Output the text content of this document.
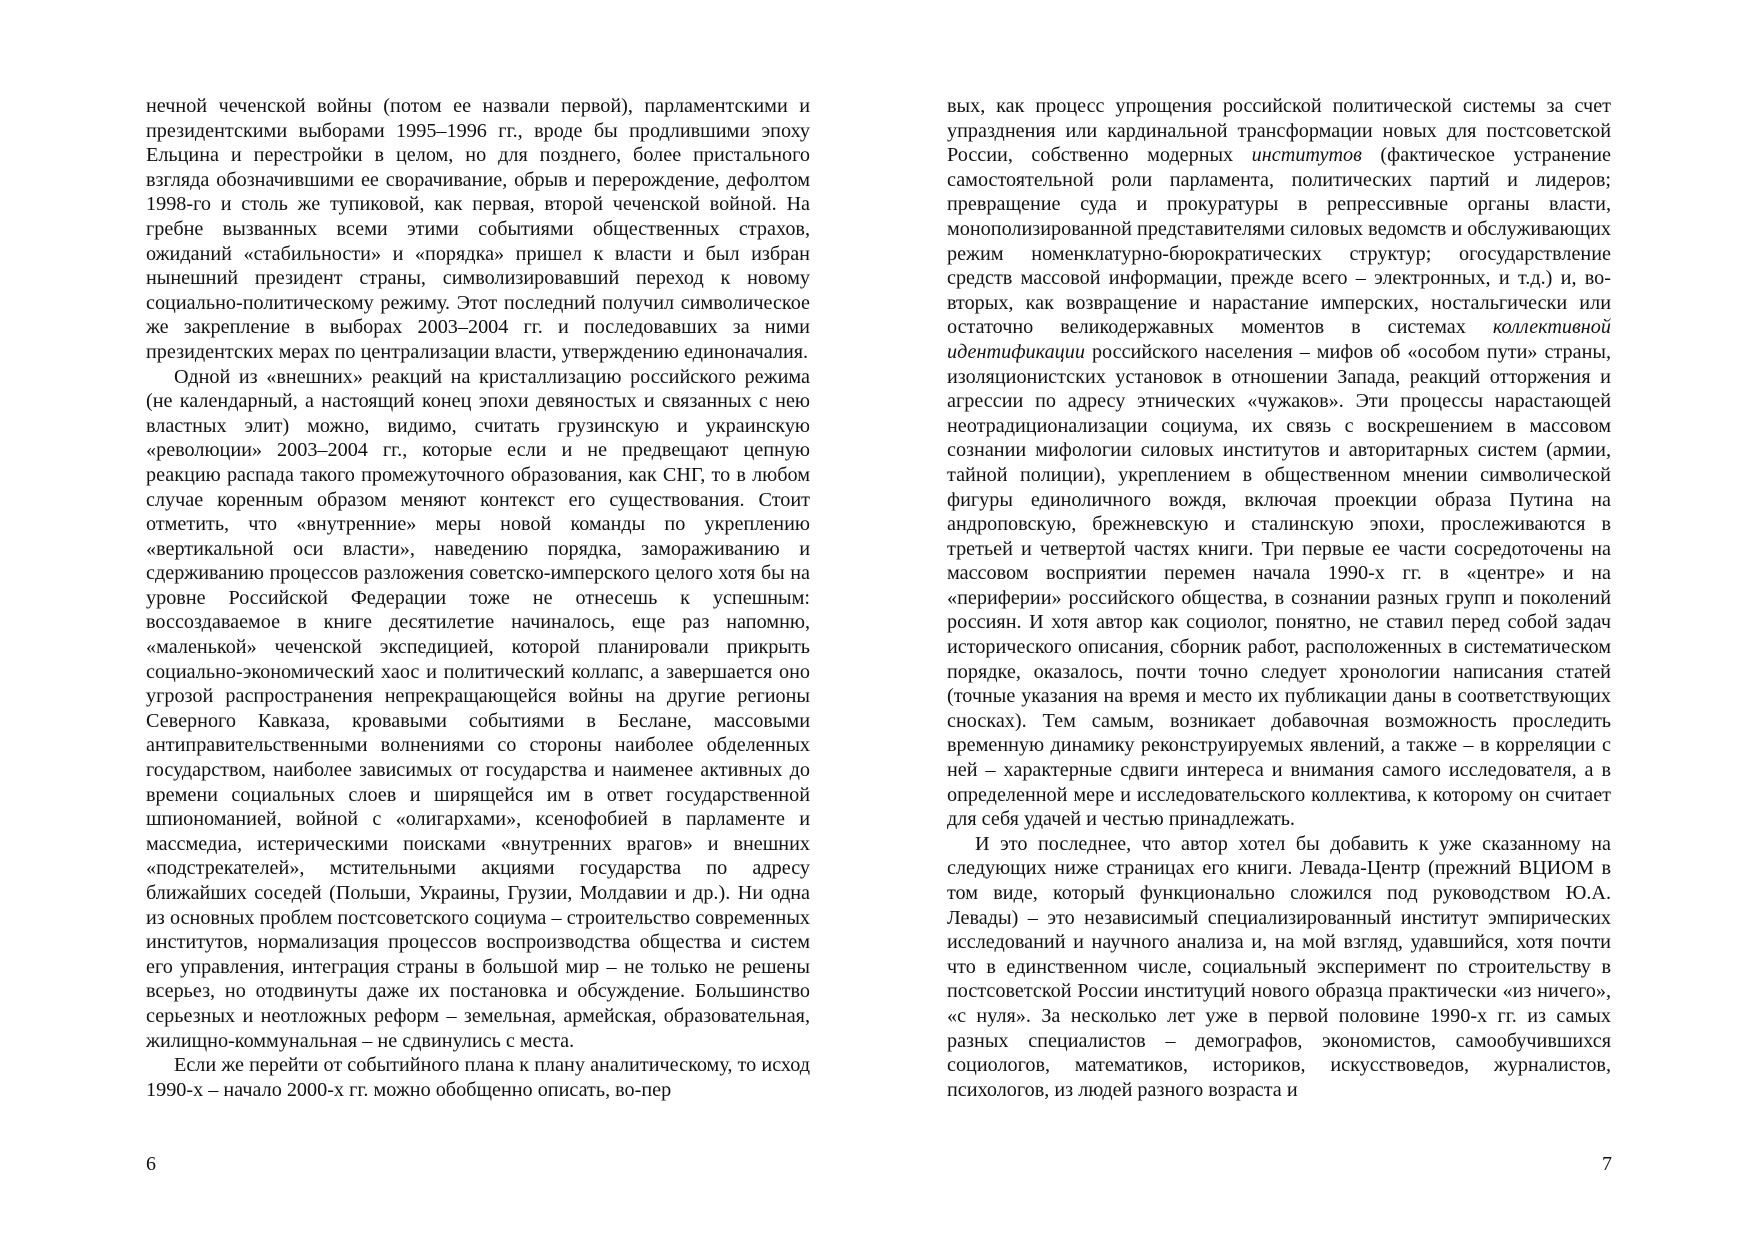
нечной чеченской войны (потом ее назвали первой), парламентскими и президентскими выборами 1995–1996 гг., вроде бы продлившими эпоху Ельцина и перестройки в целом, но для позднего, более пристального взгляда обозначившими ее сворачивание, обрыв и перерождение, дефолтом 1998-го и столь же тупиковой, как первая, второй чеченской войной. На гребне вызванных всеми этими событиями общественных страхов, ожиданий «стабильности» и «порядка» пришел к власти и был избран нынешний президент страны, символизировавший переход к новому социально-политическому режиму. Этот последний получил символическое же закрепление в выборах 2003–2004 гг. и последовавших за ними президентских мерах по централизации власти, утверждению единоначалия.

Одной из «внешних» реакций на кристаллизацию российского режима (не календарный, а настоящий конец эпохи девяностых и связанных с нею властных элит) можно, видимо, считать грузинскую и украинскую «революции» 2003–2004 гг., которые если и не предвещают цепную реакцию распада такого промежуточного образования, как СНГ, то в любом случае коренным образом меняют контекст его существования. Стоит отметить, что «внутренние» меры новой команды по укреплению «вертикальной оси власти», наведению порядка, замораживанию и сдерживанию процессов разложения советско-имперского целого хотя бы на уровне Российской Федерации тоже не отнесешь к успешным: воссоздаваемое в книге десятилетие начиналось, еще раз напомню, «маленькой» чеченской экспедицией, которой планировали прикрыть социально-экономический хаос и политический коллапс, а завершается оно угрозой распространения непрекращающейся войны на другие регионы Северного Кавказа, кровавыми событиями в Беслане, массовыми антиправительственными волнениями со стороны наиболее обделенных государством, наиболее зависимых от государства и наименее активных до времени социальных слоев и ширящейся им в ответ государственной шпиономанией, войной с «олигархами», ксенофобией в парламенте и массмедиа, истерическими поисками «внутренних врагов» и внешних «подстрекателей», мстительными акциями государства по адресу ближайших соседей (Польши, Украины, Грузии, Молдавии и др.). Ни одна из основных проблем постсоветского социума – строительство современных институтов, нормализация процессов воспроизводства общества и систем его управления, интеграция страны в большой мир – не только не решены всерьез, но отодвинуты даже их постановка и обсуждение. Большинство серьезных и неотложных реформ – земельная, армейская, образовательная, жилищно-коммунальная – не сдвинулись с места.

Если же перейти от событийного плана к плану аналитическому, то исход 1990-х – начало 2000-х гг. можно обобщенно описать, во-пер

6

вых, как процесс упрощения российской политической системы за счет упразднения или кардинальной трансформации новых для постсоветской России, собственно модерных институтов (фактическое устранение самостоятельной роли парламента, политических партий и лидеров; превращение суда и прокуратуры в репрессивные органы власти, монополизированной представителями силовых ведомств и обслуживающих режим номенклатурно-бюрократических структур; огосударствление средств массовой информации, прежде всего – электронных, и т.д.) и, во-вторых, как возвращение и нарастание имперских, ностальгически или остаточно великодержавных моментов в системах коллективной идентификации российского населения – мифов об «особом пути» страны, изоляционистских установок в отношении Запада, реакций отторжения и агрессии по адресу этнических «чужаков». Эти процессы нарастающей неотрадиционализации социума, их связь с воскрешением в массовом сознании мифологии силовых институтов и авторитарных систем (армии, тайной полиции), укреплением в общественном мнении символической фигуры единоличного вождя, включая проекции образа Путина на андроповскую, брежневскую и сталинскую эпохи, прослеживаются в третьей и четвертой частях книги. Три первые ее части сосредоточены на массовом восприятии перемен начала 1990-х гг. в «центре» и на «периферии» российского общества, в сознании разных групп и поколений россиян. И хотя автор как социолог, понятно, не ставил перед собой задач исторического описания, сборник работ, расположенных в систематическом порядке, оказалось, почти точно следует хронологии написания статей (точные указания на время и место их публикации даны в соответствующих сносках). Тем самым, возникает добавочная возможность проследить временную динамику реконструируемых явлений, а также – в корреляции с ней – характерные сдвиги интереса и внимания самого исследователя, а в определенной мере и исследовательского коллектива, к которому он считает для себя удачей и честью принадлежать.

И это последнее, что автор хотел бы добавить к уже сказанному на следующих ниже страницах его книги. Левада-Центр (прежний ВЦИОМ в том виде, который функционально сложился под руководством Ю.А. Левады) – это независимый специализированный институт эмпирических исследований и научного анализа и, на мой взгляд, удавшийся, хотя почти что в единственном числе, социальный эксперимент по строительству в постсоветской России институций нового образца практически «из ничего», «с нуля». За несколько лет уже в первой половине 1990-х гг. из самых разных специалистов – демографов, экономистов, самообучившихся социологов, математиков, историков, искусствоведов, журналистов, психологов, из людей разного возраста и

7
